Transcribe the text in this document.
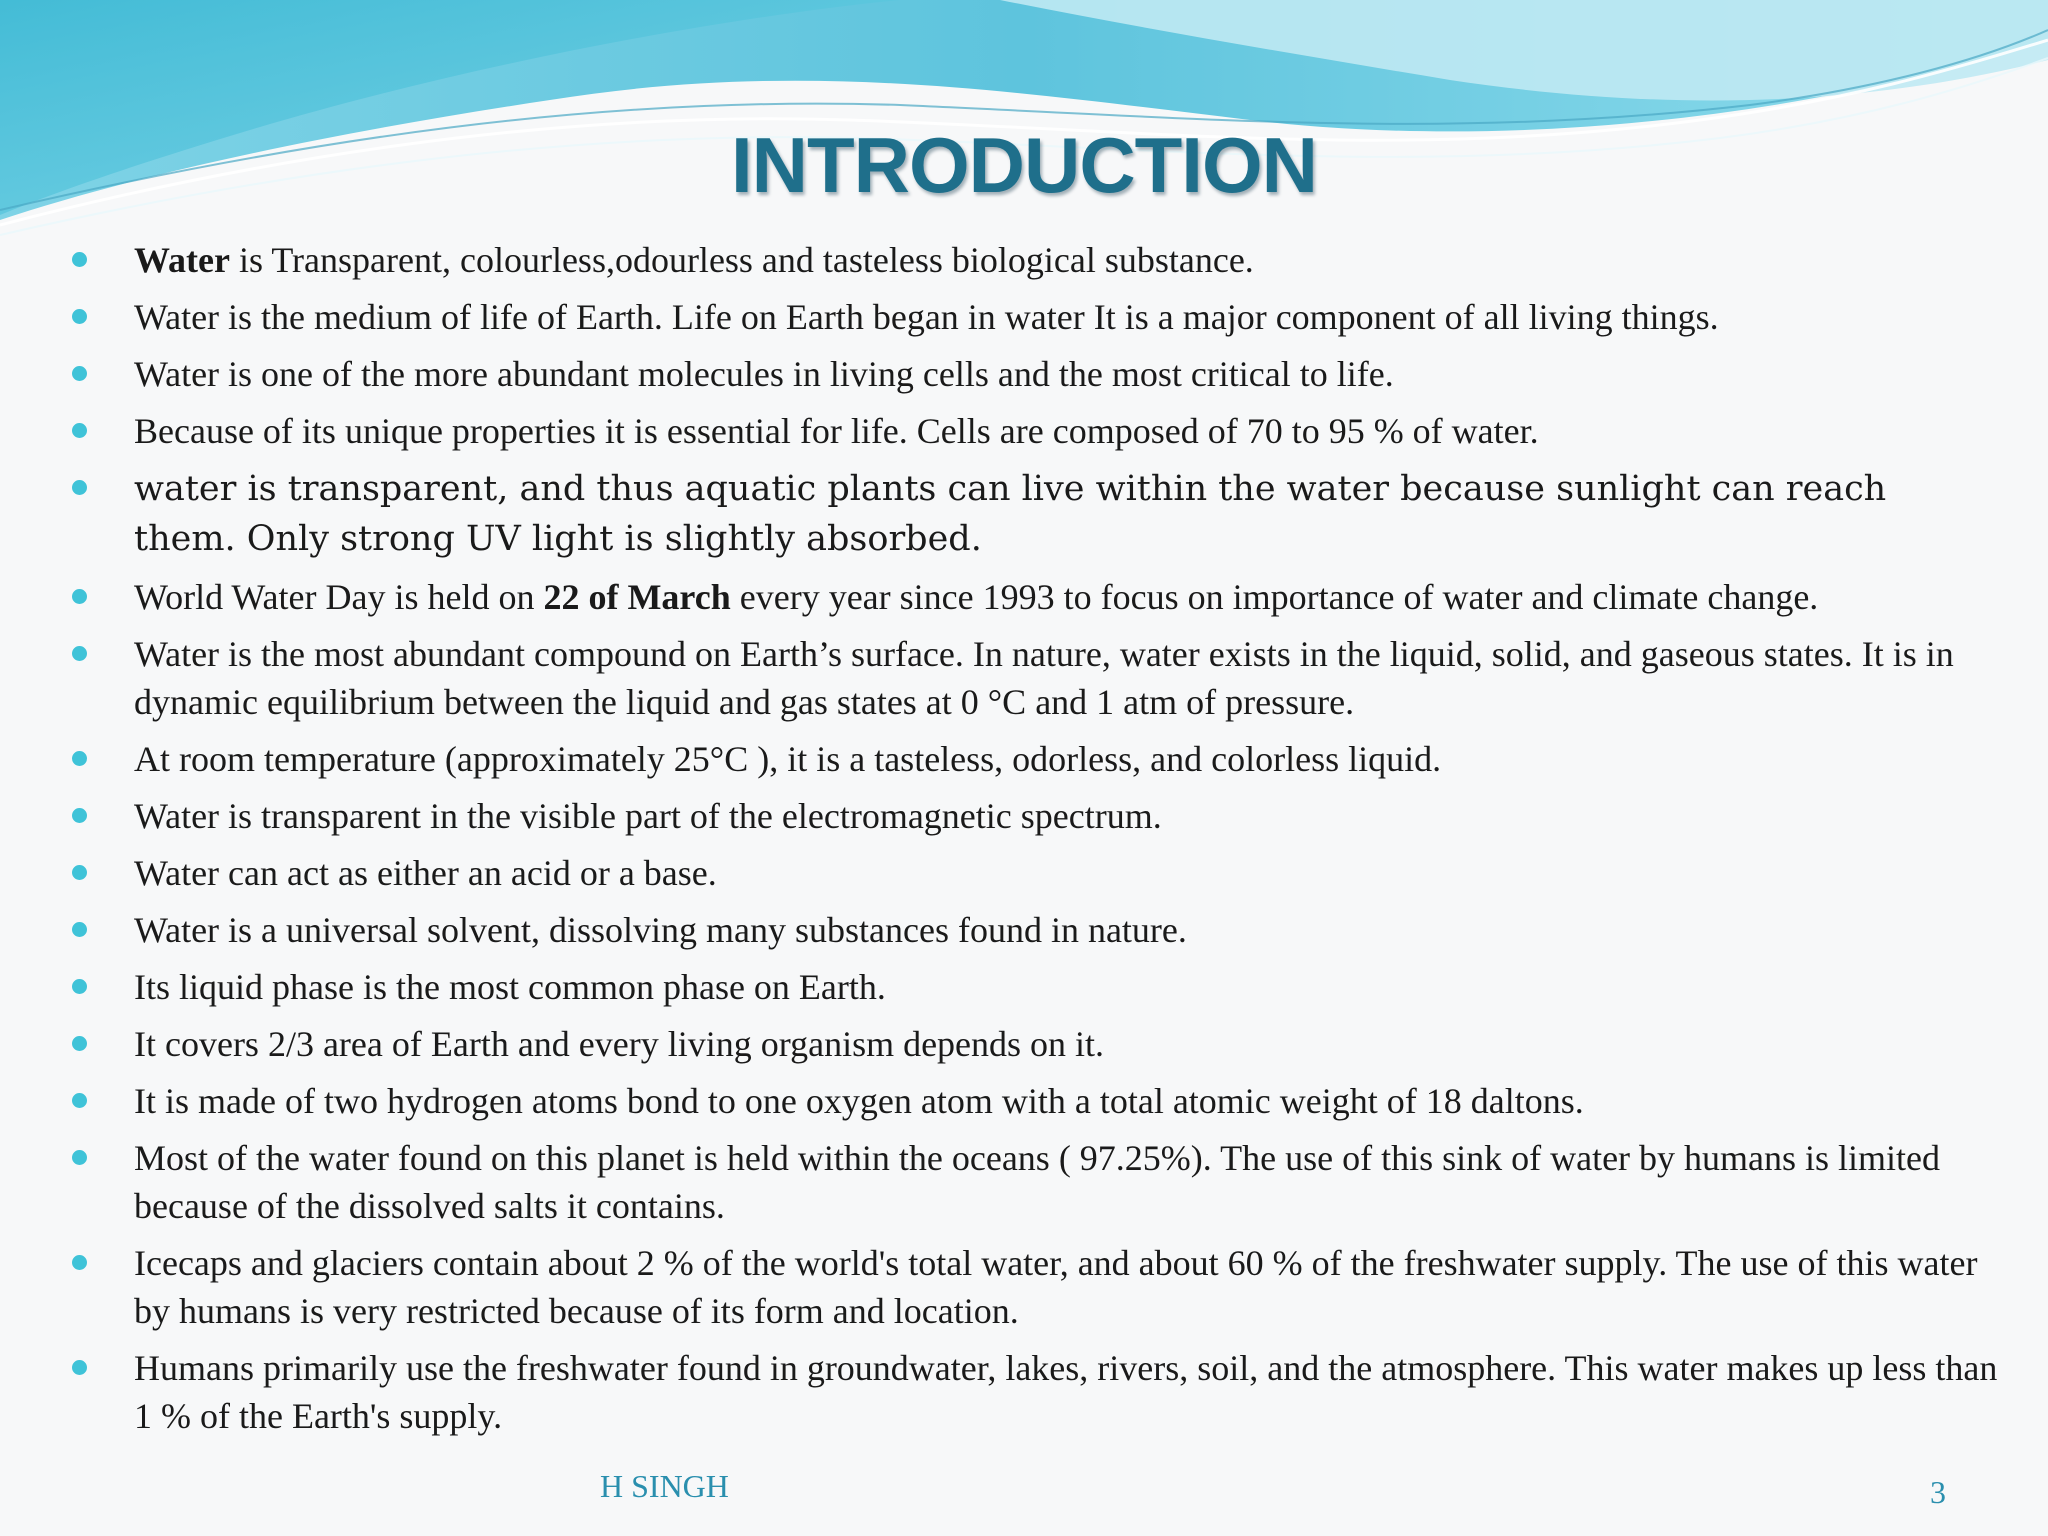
INTRODUCTION
Water is Transparent, colourless,odourless and tasteless biological substance.
Water is the medium of life of Earth. Life on Earth began in water It is a major component of all living things.
Water is one of the more abundant molecules in living cells and the most critical to life.
Because of its unique properties it is essential for life. Cells are composed of 70 to 95 % of water.
water is transparent, and thus aquatic plants can live within the water because sunlight can reach them. Only strong UV light is slightly absorbed.
World Water Day is held on 22 of March every year since 1993 to focus on importance of water and climate change.
Water is the most abundant compound on Earth’s surface. In nature, water exists in the liquid, solid, and gaseous states. It is in dynamic equilibrium between the liquid and gas states at 0 °C and 1 atm of pressure.
At room temperature (approximately 25°C ), it is a tasteless, odorless, and colorless liquid.
Water is transparent in the visible part of the electromagnetic spectrum.
Water can act as either an acid or a base.
Water is a universal solvent, dissolving many substances found in nature.
Its liquid phase is the most common phase on Earth.
It covers 2/3 area of Earth and every living organism depends on it.
It is made of two hydrogen atoms bond to one oxygen atom with a total atomic weight of 18 daltons.
Most of the water found on this planet is held within the oceans ( 97.25%). The use of this sink of water by humans is limited because of the dissolved salts it contains.
Icecaps and glaciers contain about 2 % of the world's total water, and about 60 % of the freshwater supply. The use of this water by humans is very restricted because of its form and location.
Humans primarily use the freshwater found in groundwater, lakes, rivers, soil, and the atmosphere. This water makes up less than 1 % of the Earth's supply.
H SINGH	3
